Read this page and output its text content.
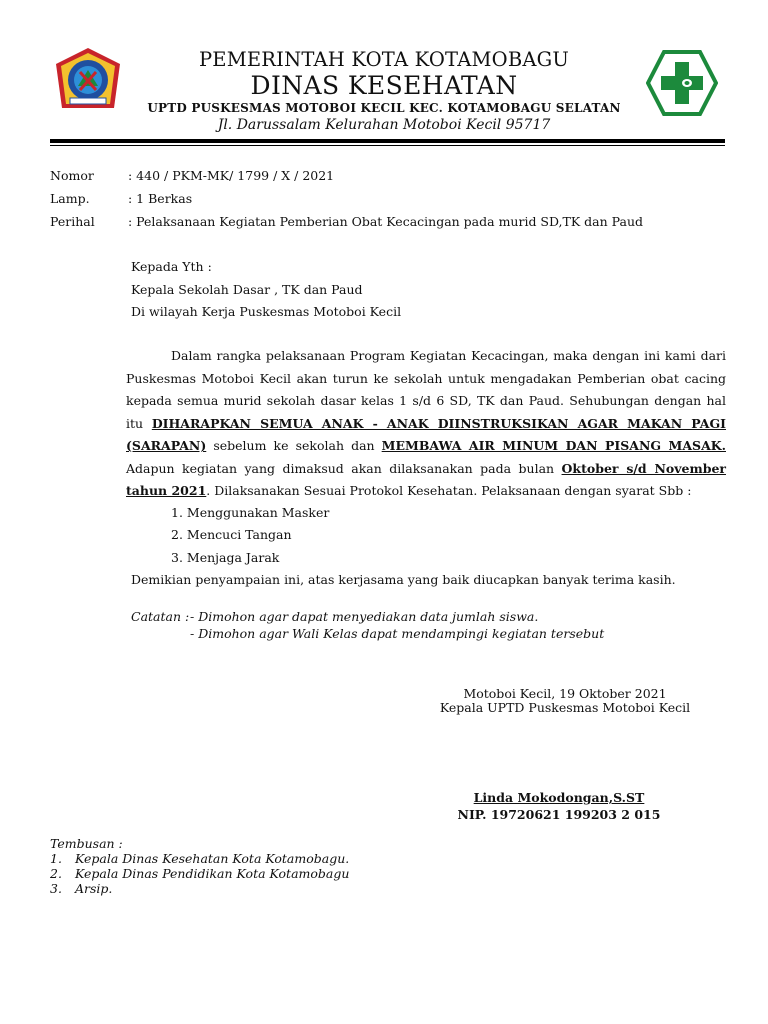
PEMERINTAH KOTA KOTAMOBAGU
DINAS KESEHATAN
UPTD PUSKESMAS MOTOBOI KECIL KEC. KOTAMOBAGU SELATAN
Jl. Darussalam Kelurahan Motoboi Kecil 95717
Nomor	: 440 / PKM-MK/ 1799 / X / 2021
Lamp.	: 1 Berkas
Perihal	: Pelaksanaan Kegiatan Pemberian Obat Kecacingan pada murid SD,TK dan Paud
Kepada Yth :
Kepala Sekolah Dasar , TK dan Paud
Di wilayah Kerja Puskesmas Motoboi Kecil

Dalam rangka pelaksanaan Program Kegiatan Kecacingan, maka dengan ini kami dari Puskesmas Motoboi Kecil akan turun ke sekolah untuk mengadakan Pemberian obat cacing kepada semua murid sekolah dasar kelas 1 s/d 6 SD, TK dan Paud. Sehubungan dengan hal itu DIHARAPKAN SEMUA ANAK - ANAK DIINSTRUKSIKAN AGAR MAKAN PAGI (SARAPAN) sebelum ke sekolah dan MEMBAWA AIR MINUM DAN PISANG MASAK. Adapun kegiatan yang dimaksud akan dilaksanakan pada bulan Oktober s/d November tahun 2021. Dilaksanakan Sesuai Protokol Kesehatan. Pelaksanaan dengan syarat Sbb :

1. Menggunakan Masker
2. Mencuci Tangan
3. Menjaga Jarak
Demikian penyampaian ini, atas kerjasama yang baik diucapkan banyak terima kasih.
Catatan : - Dimohon agar dapat menyediakan data jumlah siswa.
- Dimohon agar Wali Kelas dapat mendampingi kegiatan tersebut
Motoboi Kecil, 19 Oktober 2021
Kepala UPTD Puskesmas Motoboi Kecil
Linda Mokodongan,S.ST
NIP. 19720621 199203 2 015
Tembusan :
1. Kepala Dinas Kesehatan Kota Kotamobagu.
2. Kepala Dinas Pendidikan Kota Kotamobagu
3. Arsip.
